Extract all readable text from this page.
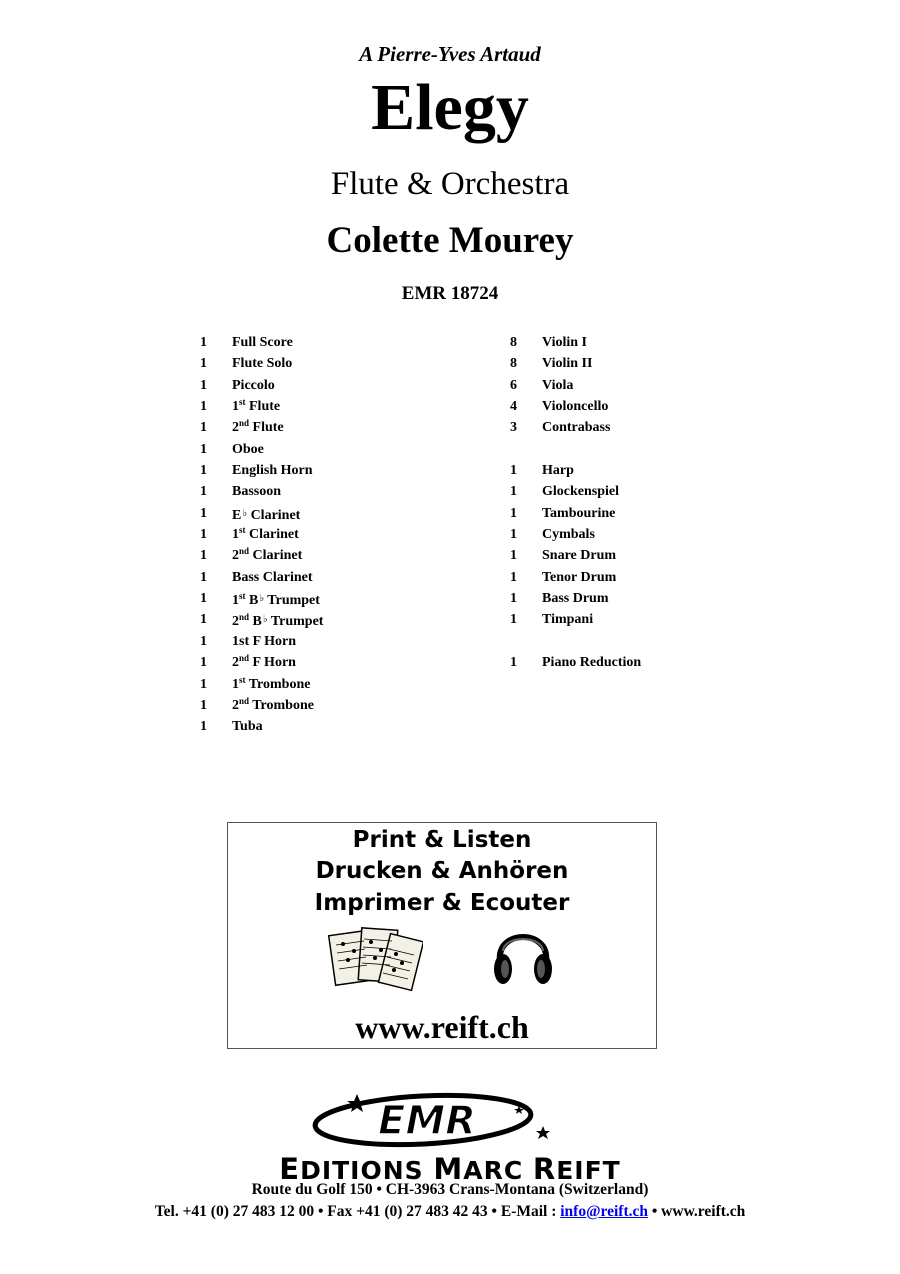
A Pierre-Yves Artaud
Elegy
Flute & Orchestra
Colette Mourey
EMR 18724
1 Full Score
1 Flute Solo
1 Piccolo
1 1st Flute
1 2nd Flute
1 Oboe
1 English Horn
1 Bassoon
1 E♭ Clarinet
1 1st Clarinet
1 2nd Clarinet
1 Bass Clarinet
1 1st B♭ Trumpet
1 2nd B♭ Trumpet
1 1st F Horn
1 2nd F Horn
1 1st Trombone
1 2nd Trombone
1 Tuba
8 Violin I
8 Violin II
6 Viola
4 Violoncello
3 Contrabass
1 Harp
1 Glockenspiel
1 Tambourine
1 Cymbals
1 Snare Drum
1 Tenor Drum
1 Bass Drum
1 Timpani
1 Piano Reduction
Print & Listen
Drucken & Anhören
Imprimer & Ecouter
www.reift.ch
EMR
EDITIONS MARC REIFT
Route du Golf 150 • CH-3963 Crans-Montana (Switzerland)
Tel. +41 (0) 27 483 12 00 • Fax +41 (0) 27 483 42 43 • E-Mail : info@reift.ch • www.reift.ch
